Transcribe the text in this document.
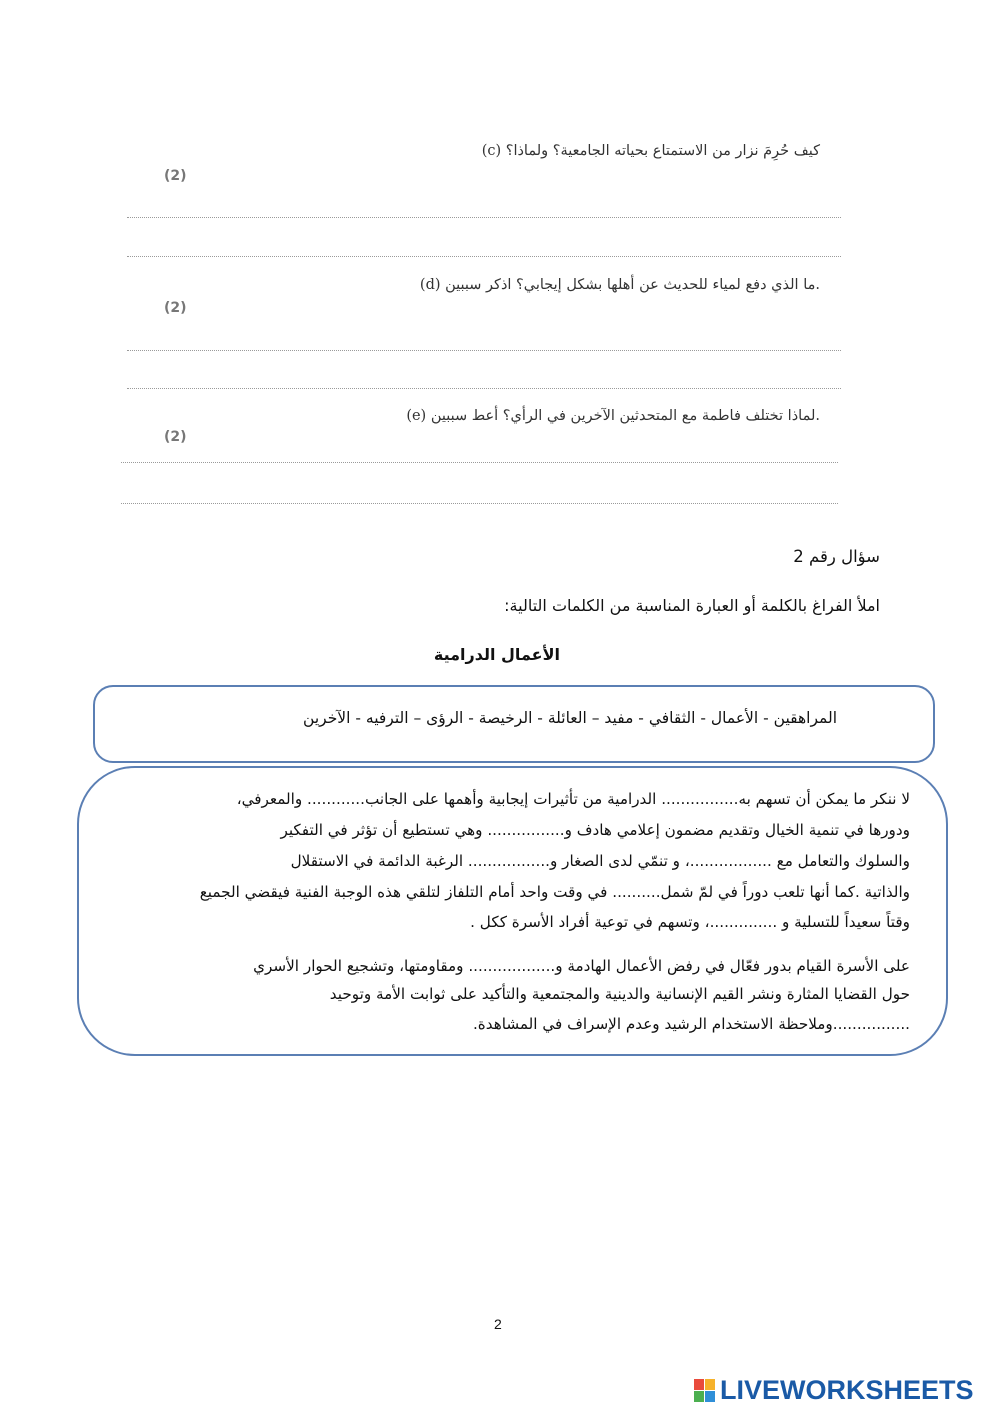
(c) كيف حُرِمَ نزار من الاستمتاع بحياته الجامعية؟ ولماذا؟
(2)
(d) ما الذي دفع لمياء للحديث عن أهلها بشكل إيجابي؟ اذكر سببين.
(2)
(e) لماذا تختلف فاطمة مع المتحدثين الآخرين في الرأي؟ أعط سببين.
(2)
سؤال رقم 2
املأ الفراغ بالكلمة أو العبارة المناسبة من الكلمات التالية:
الأعمال الدرامية
المراهقين - الأعمال - الثقافي - مفيد – العائلة - الرخيصة - الرؤى – الترفيه - الآخرين
لا ننكر ما يمكن أن تسهم به................ الدرامية من تأثيرات إيجابية وأهمها على الجانب............ والمعرفي،
ودورها في تنمية الخيال وتقديم مضمون إعلامي هادف و................ وهي تستطيع أن تؤثر في التفكير
والسلوك والتعامل مع .................، و تنمّي لدى الصغار و................. الرغبة الدائمة في الاستقلال
والذاتية .كما أنها تلعب دوراً في لمّ شمل.......... في وقت واحد أمام التلفاز لتلقي هذه الوجبة الفنية فيقضي الجميع
وقتاً سعيداً للتسلية و ..............، وتسهم في توعية أفراد الأسرة ككل .
على الأسرة القيام بدور فعّال في رفض الأعمال الهادمة و.................. ومقاومتها، وتشجيع الحوار الأسري
حول القضايا المثارة ونشر القيم الإنسانية والدينية والمجتمعية والتأكيد على ثوابت الأمة وتوحيد
................وملاحظة الاستخدام الرشيد وعدم الإسراف في المشاهدة.
2
LIVEWORKSHEETS
